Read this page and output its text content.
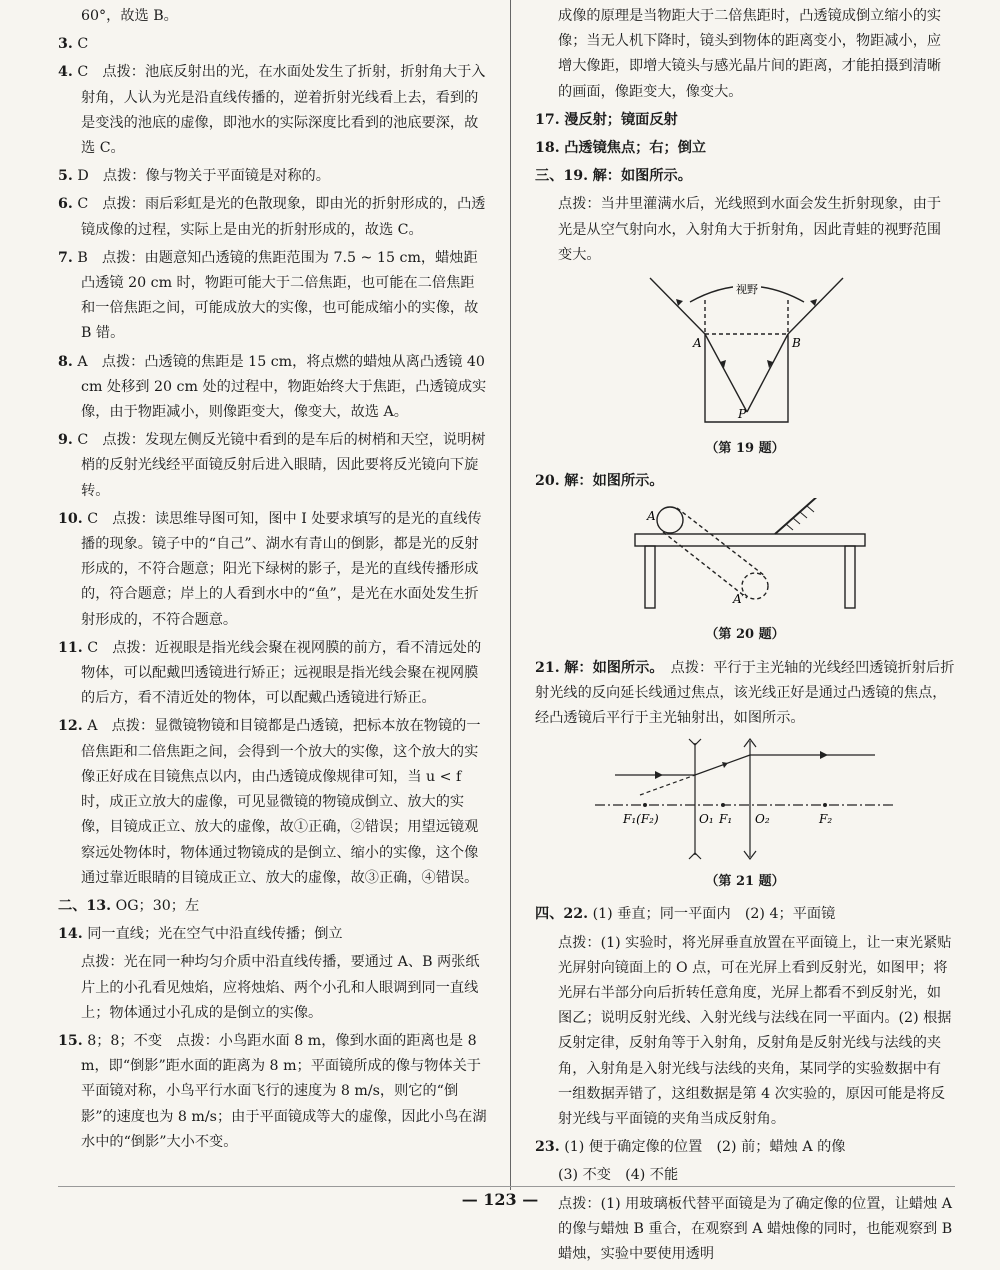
60°，故选 B。

3. C

4. C　 点拨：池底反射出的光，在水面处发生了折射，折射角大于入射角，人认为光是沿直线传播的，逆着折射光线看上去，看到的是变浅的池底的虚像，即池水的实际深度比看到的池底要深，故选 C。

5. D　 点拨：像与物关于平面镜是对称的。

6. C　 点拨：雨后彩虹是光的色散现象，即由光的折射形成的，凸透镜成像的过程，实际上是由光的折射形成的，故选 C。

7. B　 点拨：由题意知凸透镜的焦距范围为 7.5 ~ 15 cm，蜡烛距凸透镜 20 cm 时，物距可能大于二倍焦距，也可能在二倍焦距和一倍焦距之间，可能成放大的实像，也可能成缩小的实像，故 B 错。

8. A　 点拨：凸透镜的焦距是 15 cm，将点燃的蜡烛从离凸透镜 40 cm 处移到 20 cm 处的过程中，物距始终大于焦距，凸透镜成实像，由于物距减小，则像距变大，像变大，故选 A。

9. C　 点拨：发现左侧反光镜中看到的是车后的树梢和天空，说明树梢的反射光线经平面镜反射后进入眼睛，因此要将反光镜向下旋转。

10. C　 点拨：读思维导图可知，图中 I 处要求填写的是光的直线传播的现象。镜子中的“自己”、湖水有青山的倒影，都是光的反射形成的，不符合题意；阳光下绿树的影子，是光的直线传播形成的，符合题意；岸上的人看到水中的“鱼”，是光在水面处发生折射形成的，不符合题意。

11. C　 点拨：近视眼是指光线会聚在视网膜的前方，看不清远处的物体，可以配戴凹透镜进行矫正；远视眼是指光线会聚在视网膜的后方，看不清近处的物体，可以配戴凸透镜进行矫正。

12. A　 点拨：显微镜物镜和目镜都是凸透镜，把标本放在物镜的一倍焦距和二倍焦距之间，会得到一个放大的实像，这个放大的实像正好成在目镜焦点以内，由凸透镜成像规律可知，当 u < f 时，成正立放大的虚像，可见显微镜的物镜成倒立、放大的实像，目镜成正立、放大的虚像，故①正确，②错误；用望远镜观察远处物体时，物体通过物镜成的是倒立、缩小的实像，这个像通过靠近眼睛的目镜成正立、放大的虚像，故③正确，④错误。

二、13. OG；30；左

14. 同一直线；光在空气中沿直线传播；倒立

点拨：光在同一种均匀介质中沿直线传播，要通过 A、B 两张纸片上的小孔看见烛焰，应将烛焰、两个小孔和人眼调到同一直线上；物体通过小孔成的是倒立的实像。

15. 8；8；不变　 点拨：小鸟距水面 8 m，像到水面的距离也是 8 m，即“倒影”距水面的距离为 8 m；平面镜所成的像与物体关于平面镜对称，小鸟平行水面飞行的速度为 8 m/s，则它的“倒影”的速度也为 8 m/s；由于平面镜成等大的虚像，因此小鸟在湖水中的“倒影”大小不变。

成像的原理是当物距大于二倍焦距时，凸透镜成倒立缩小的实像；当无人机下降时，镜头到物体的距离变小，物距减小，应增大像距，即增大镜头与感光晶片间的距离，才能拍摄到清晰的画面，像距变大，像变大。

17. 漫反射；镜面反射

18. 凸透镜焦点；右；倒立

三、19. 解：如图所示。

点拨：当井里灌满水后，光线照到水面会发生折射现象，由于光是从空气射向水，入射角大于折射角，因此青蛙的视野范围变大。

视野
A	B
P
（第 19 题）

20. 解：如图所示。

A
A′
（第 20 题）

21. 解：如图所示。　 点拨：平行于主光轴的光线经凹透镜折射后折射光线的反向延长线通过焦点，该光线正好是通过凸透镜的焦点，经凸透镜后平行于主光轴射出，如图所示。

F₁(F₂)	O₁ F₁ O₂	F₂
（第 21 题）

四、22. (1) 垂直；同一平面内　(2) 4；平面镜

点拨：(1) 实验时，将光屏垂直放置在平面镜上，让一束光紧贴光屏射向镜面上的 O 点，可在光屏上看到反射光，如图甲；将光屏右半部分向后折转任意角度，光屏上都看不到反射光，如图乙；说明反射光线、入射光线与法线在同一平面内。(2) 根据反射定律，反射角等于入射角，反射角是反射光线与法线的夹角，入射角是入射光线与法线的夹角，某同学的实验数据中有一组数据弄错了，这组数据是第 4 次实验的，原因可能是将反射光线与平面镜的夹角当成反射角。

23. (1) 便于确定像的位置　(2) 前；蜡烛 A 的像

(3) 不变　(4) 不能

点拨：(1) 用玻璃板代替平面镜是为了确定像的位置，让蜡烛 A 的像与蜡烛 B 重合，在观察到 A 蜡烛像的同时，也能观察到 B 蜡烛，实验中要使用透明

— 123 —
